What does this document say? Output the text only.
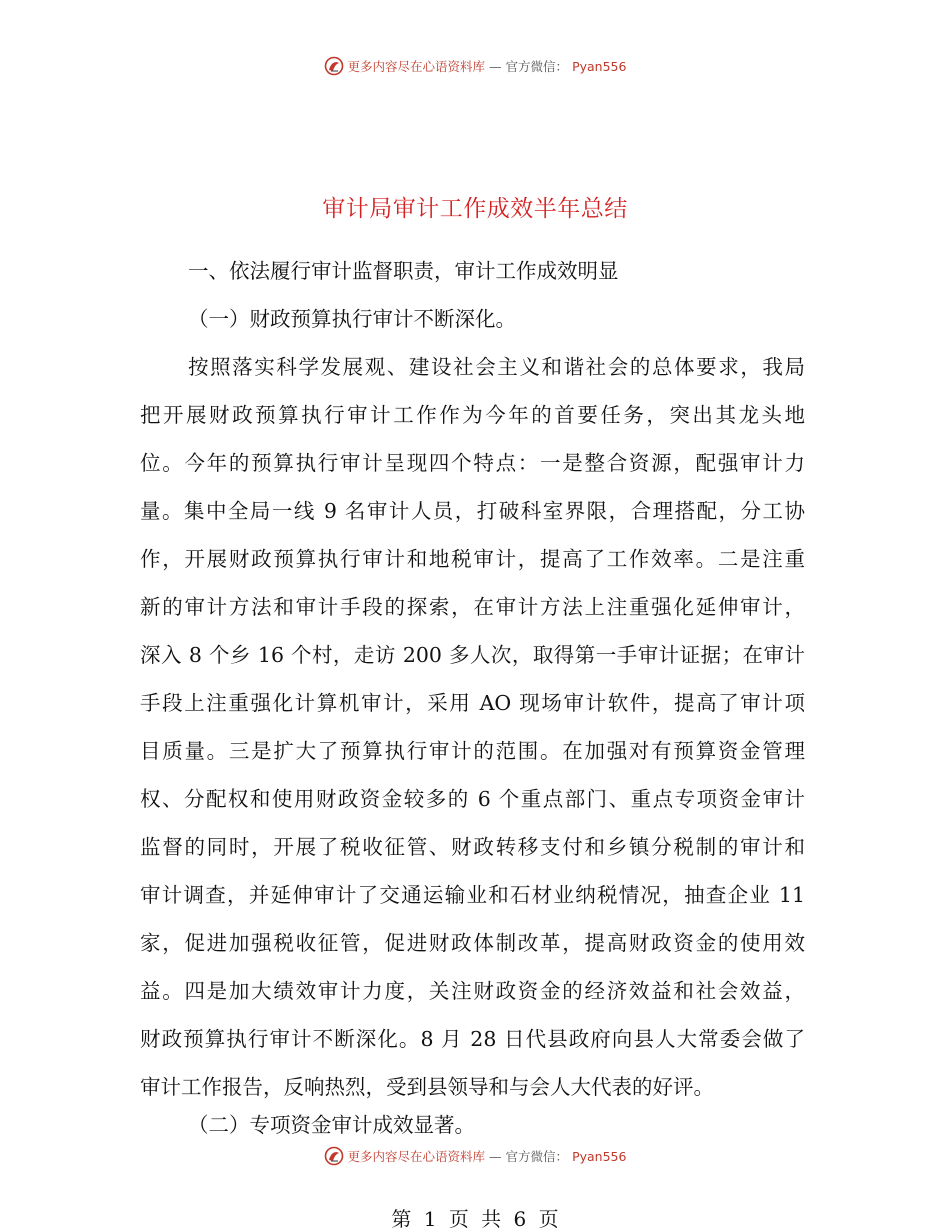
更多内容尽在心语资料库 — 官方微信： Pyan556
审计局审计工作成效半年总结
一、依法履行审计监督职责，审计工作成效明显
（一）财政预算执行审计不断深化。
按照落实科学发展观、建设社会主义和谐社会的总体要求，我局
把开展财政预算执行审计工作作为今年的首要任务，突出其龙头地
位。今年的预算执行审计呈现四个特点：一是整合资源，配强审计力
量。集中全局一线 9 名审计人员，打破科室界限，合理搭配，分工协
作，开展财政预算执行审计和地税审计，提高了工作效率。二是注重
新的审计方法和审计手段的探索，在审计方法上注重强化延伸审计，
深入 8 个乡 16 个村，走访 200 多人次，取得第一手审计证据；在审计
手段上注重强化计算机审计，采用 AO 现场审计软件，提高了审计项
目质量。三是扩大了预算执行审计的范围。在加强对有预算资金管理
权、分配权和使用财政资金较多的 6 个重点部门、重点专项资金审计
监督的同时，开展了税收征管、财政转移支付和乡镇分税制的审计和
审计调查，并延伸审计了交通运输业和石材业纳税情况，抽查企业 11
家，促进加强税收征管，促进财政体制改革，提高财政资金的使用效
益。四是加大绩效审计力度，关注财政资金的经济效益和社会效益，
财政预算执行审计不断深化。8 月 28 日代县政府向县人大常委会做了
审计工作报告，反响热烈，受到县领导和与会人大代表的好评。
（二）专项资金审计成效显著。
更多内容尽在心语资料库 — 官方微信： Pyan556
第 1 页 共 6 页
